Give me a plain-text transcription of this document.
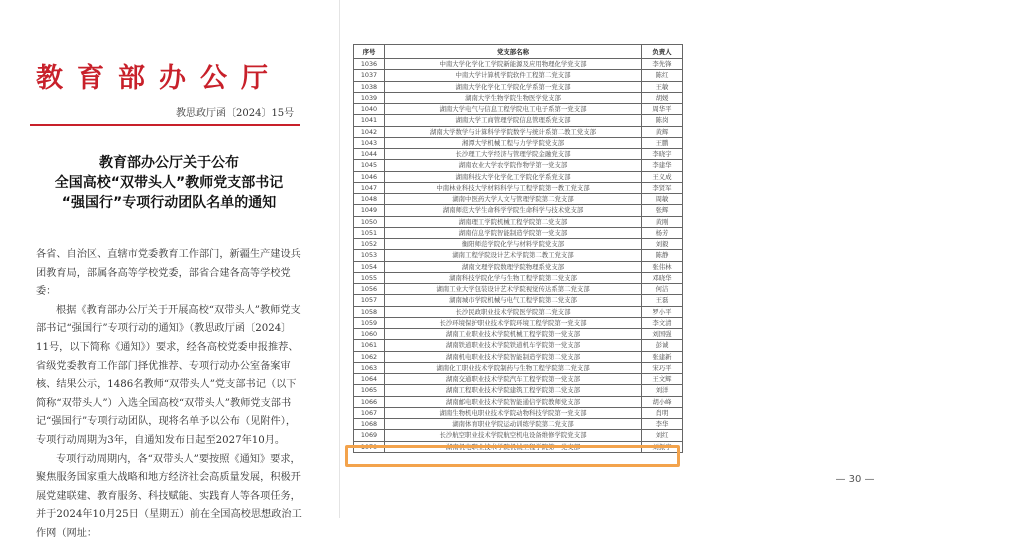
教育部办公厅
教思政厅函〔2024〕15号
教育部办公厅关于公布
全国高校“双带头人”教师党支部书记
“强国行”专项行动团队名单的通知

各省、自治区、直辖市党委教育工作部门，新疆生产建设兵团教育局，部属各高等学校党委，部省合建各高等学校党委：

根据《教育部办公厅关于开展高校“双带头人”教师党支部书记“强国行”专项行动的通知》（教思政厅函〔2024〕11号，以下简称《通知》）要求，经各高校党委申报推荐、省级党委教育工作部门择优推荐、专项行动办公室备案审核、结果公示，1486名教师“双带头人”党支部书记（以下简称“双带头人”）入选全国高校“双带头人”教师党支部书记“强国行”专项行动团队，现将名单予以公布（见附件），专项行动周期为3年，自通知发布日起至2027年10月。

专项行动周期内，各“双带头人”要按照《通知》要求，聚焦服务国家重大战略和地方经济社会高质量发展，积极开展党建联建、教育服务、科技赋能、实践育人等各项任务，并于2024年10月25日（星期五）前在全国高校思想政治工作网（网址：

序号	党支部名称	负责人
1036	中南大学化学化工学院新能源及应用物理化学党支部	李先锋
1037	中南大学计算机学院软件工程第二党支部	陈红
1038	湖南大学化学化工学院化学系第一党支部	王敏
1039	湖南大学生物学院生物医学党支部	胡媛
1040	湖南大学电气与信息工程学院电工电子系第一党支部	周华平
1041	湖南大学工商管理学院信息管理系党支部	陈岗
1042	湖南大学数学与计算科学学院数学与统计系第二教工党支部	黄辉
1043	湘潭大学机械工程与力学学院党支部	王鹏
1044	长沙理工大学经济与管理学院金融党支部	李晓宇
1045	湖南农业大学农学院作物学第一党支部	李建华
1046	湖南科技大学化学化工学院化学系党支部	王义成
1047	中南林业科技大学材料科学与工程学院第一教工党支部	李贤军
1048	湖南中医药大学人文与管理学院第二党支部	周敏
1049	湖南师范大学生命科学学院生命科学与技术党支部	张辉
1050	湖南理工学院机械工程学院第二党支部	黄刚
1051	湖南信息学院智能制造学院第一党支部	杨芳
1052	衡阳师范学院化学与材料学院党支部	刘毅
1053	湖南工程学院设计艺术学院第二教工党支部	陈静
1054	湖南文理学院数理学院物理系党支部	张伟林
1055	湖南科技学院化学与生物工程学院第二党支部	邓晓华
1056	湖南工业大学包装设计艺术学院视觉传达系第二党支部	何洁
1057	湖南城市学院机械与电气工程学院第二党支部	王磊
1058	长沙民政职业技术学院医学院第二党支部	罗小平
1059	长沙环境保护职业技术学院环境工程学院第一党支部	李文清
1060	湖南工业职业技术学院机械工程学院第一党支部	刘国强
1061	湖南铁道职业技术学院铁道机车学院第一党支部	彭诚
1062	湖南机电职业技术学院智能制造学院第二党支部	张建新
1063	湖南化工职业技术学院制药与生物工程学院第二党支部	宋巧平
1064	湖南交通职业技术学院汽车工程学院第一党支部	王文辉
1065	湖南工程职业技术学院建筑工程学院第二党支部	刘洋
1066	湖南邮电职业技术学院智能通信学院教师党支部	胡小峰
1067	湖南生物机电职业技术学院动物科技学院第一党支部	肖明
1068	湖南体育职业学院运动训练学院第二党支部	李华
1069	长沙航空职业技术学院航空机电设备维修学院党支部	刘红
1070	湖南机电职业技术学院机械工程学院第一党支部	刘振宇
— 30 —
